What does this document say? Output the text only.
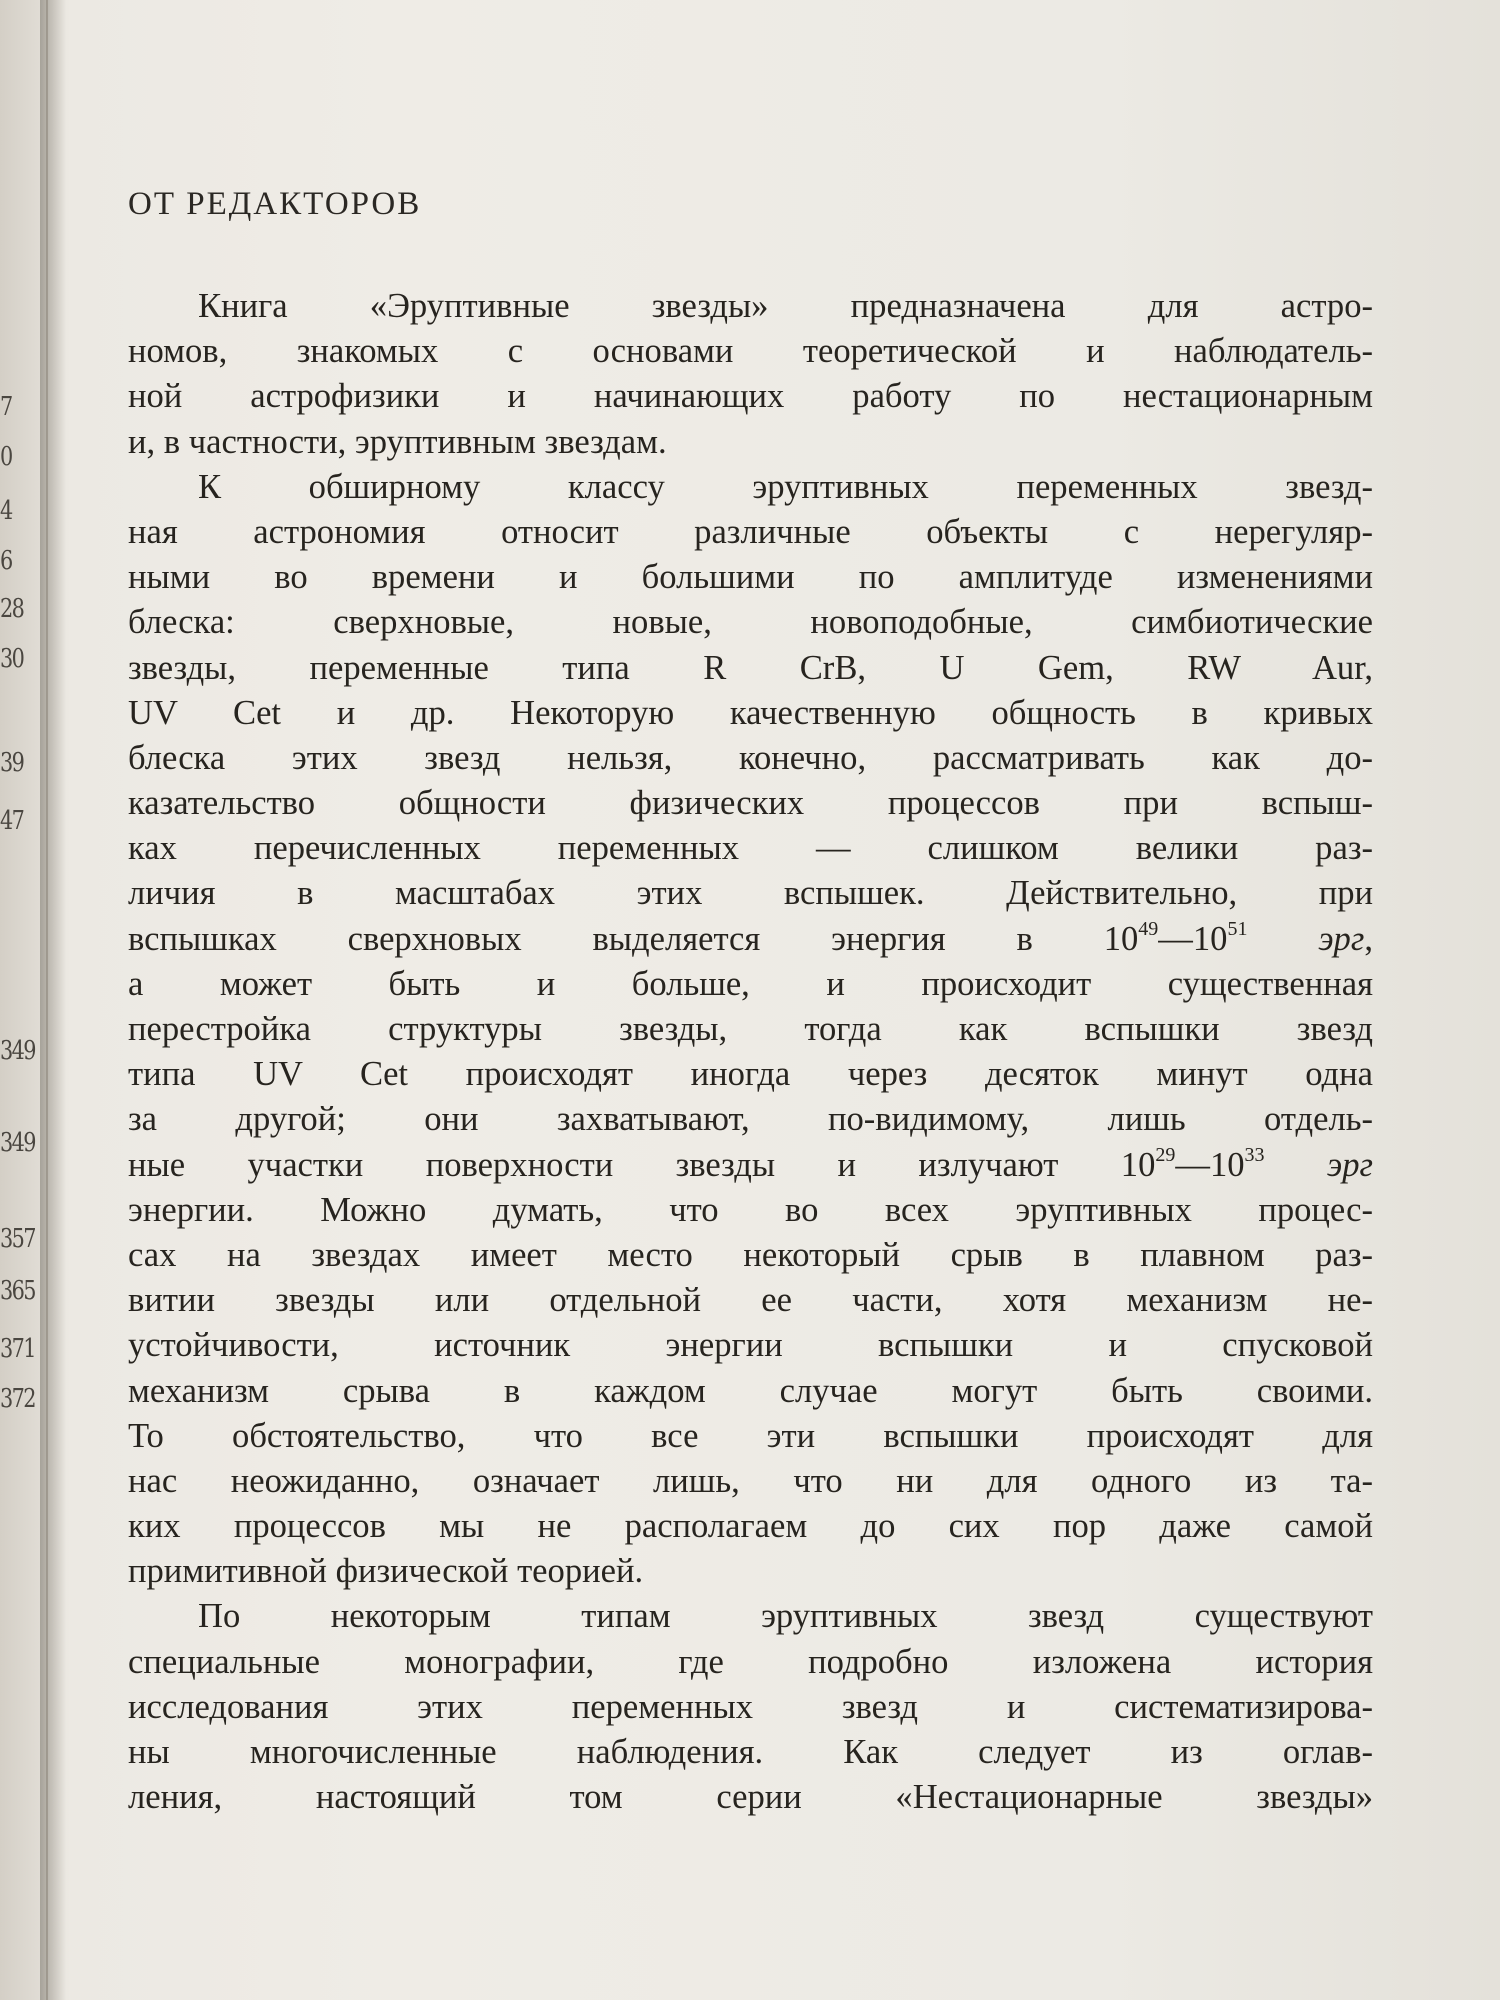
7
0
4
6
28
30
39
47
349
349
357
365
371
372
ОТ РЕДАКТОРОВ
Книга «Эруптивные звезды» предназначена для астро-
номов, знакомых с основами теоретической и наблюдатель-
ной астрофизики и начинающих работу по нестационарным
и, в частности, эруптивным звездам.
К обширному классу эруптивных переменных звезд-
ная астрономия относит различные объекты с нерегуляр-
ными во времени и большими по амплитуде изменениями
блеска: сверхновые, новые, новоподобные, симбиотические
звезды, переменные типа R CrB, U Gem, RW Aur,
UV Cet и др. Некоторую качественную общность в кривых
блеска этих звезд нельзя, конечно, рассматривать как до-
казательство общности физических процессов при вспыш-
ках перечисленных переменных — слишком велики раз-
личия в масштабах этих вспышек. Действительно, при
вспышках сверхновых выделяется энергия в $10^{49}—10^{51}$ эрг,
а может быть и больше, и происходит существенная
перестройка структуры звезды, тогда как вспышки звезд
типа UV Cet происходят иногда через десяток минут одна
за другой; они захватывают, по-видимому, лишь отдель-
ные участки поверхности звезды и излучают $10^{29}—10^{33}$ эрг
энергии. Можно думать, что во всех эруптивных процес-
сах на звездах имеет место некоторый срыв в плавном раз-
витии звезды или отдельной ее части, хотя механизм не-
устойчивости, источник энергии вспышки и спусковой
механизм срыва в каждом случае могут быть своими.
То обстоятельство, что все эти вспышки происходят для
нас неожиданно, означает лишь, что ни для одного из та-
ких процессов мы не располагаем до сих пор даже самой
примитивной физической теорией.
По некоторым типам эруптивных звезд существуют
специальные монографии, где подробно изложена история
исследования этих переменных звезд и систематизирова-
ны многочисленные наблюдения. Как следует из оглав-
ления, настоящий том серии «Нестационарные звезды»
